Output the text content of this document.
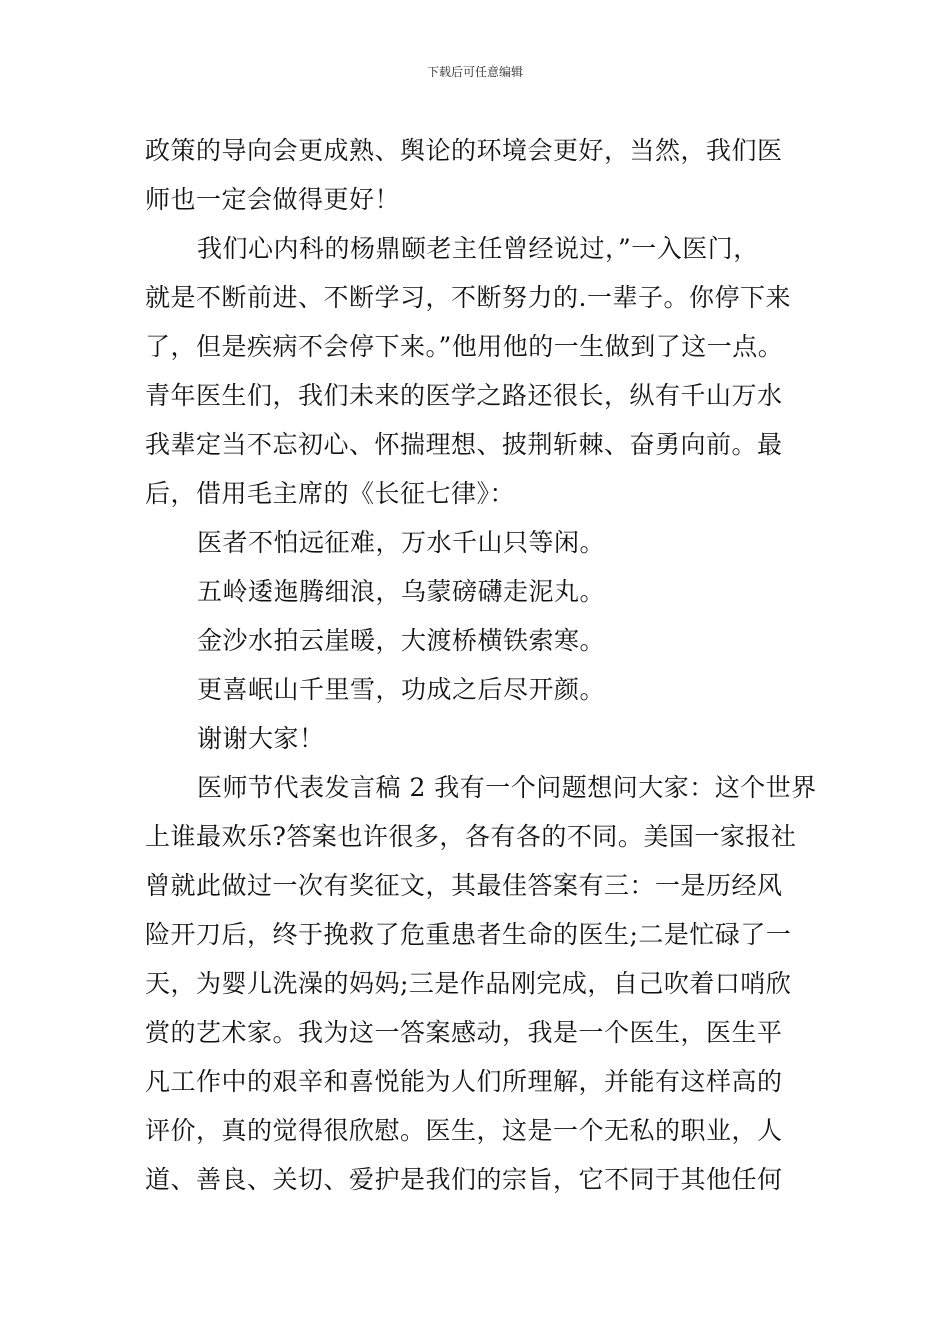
下载后可任意编辑
政策的导向会更成熟、舆论的环境会更好，当然，我们医
师也一定会做得更好！
我们心内科的杨鼎颐老主任曾经说过，”一入医门，
就是不断前进、不断学习，不断努力的.一辈子。你停下来
了，但是疾病不会停下来。”他用他的一生做到了这一点。
青年医生们，我们未来的医学之路还很长，纵有千山万水
我辈定当不忘初心、怀揣理想、披荆斩棘、奋勇向前。最
后，借用毛主席的《长征七律》：
医者不怕远征难，万水千山只等闲。
五岭逶迤腾细浪，乌蒙磅礴走泥丸。
金沙水拍云崖暖，大渡桥横铁索寒。
更喜岷山千里雪，功成之后尽开颜。
谢谢大家！
医师节代表发言稿 2 我有一个问题想问大家：这个世界
上谁最欢乐?答案也许很多，各有各的不同。美国一家报社
曾就此做过一次有奖征文，其最佳答案有三：一是历经风
险开刀后，终于挽救了危重患者生命的医生;二是忙碌了一
天，为婴儿洗澡的妈妈;三是作品刚完成，自己吹着口哨欣
赏的艺术家。我为这一答案感动，我是一个医生，医生平
凡工作中的艰辛和喜悦能为人们所理解，并能有这样高的
评价，真的觉得很欣慰。医生，这是一个无私的职业，人
道、善良、关切、爱护是我们的宗旨，它不同于其他任何
